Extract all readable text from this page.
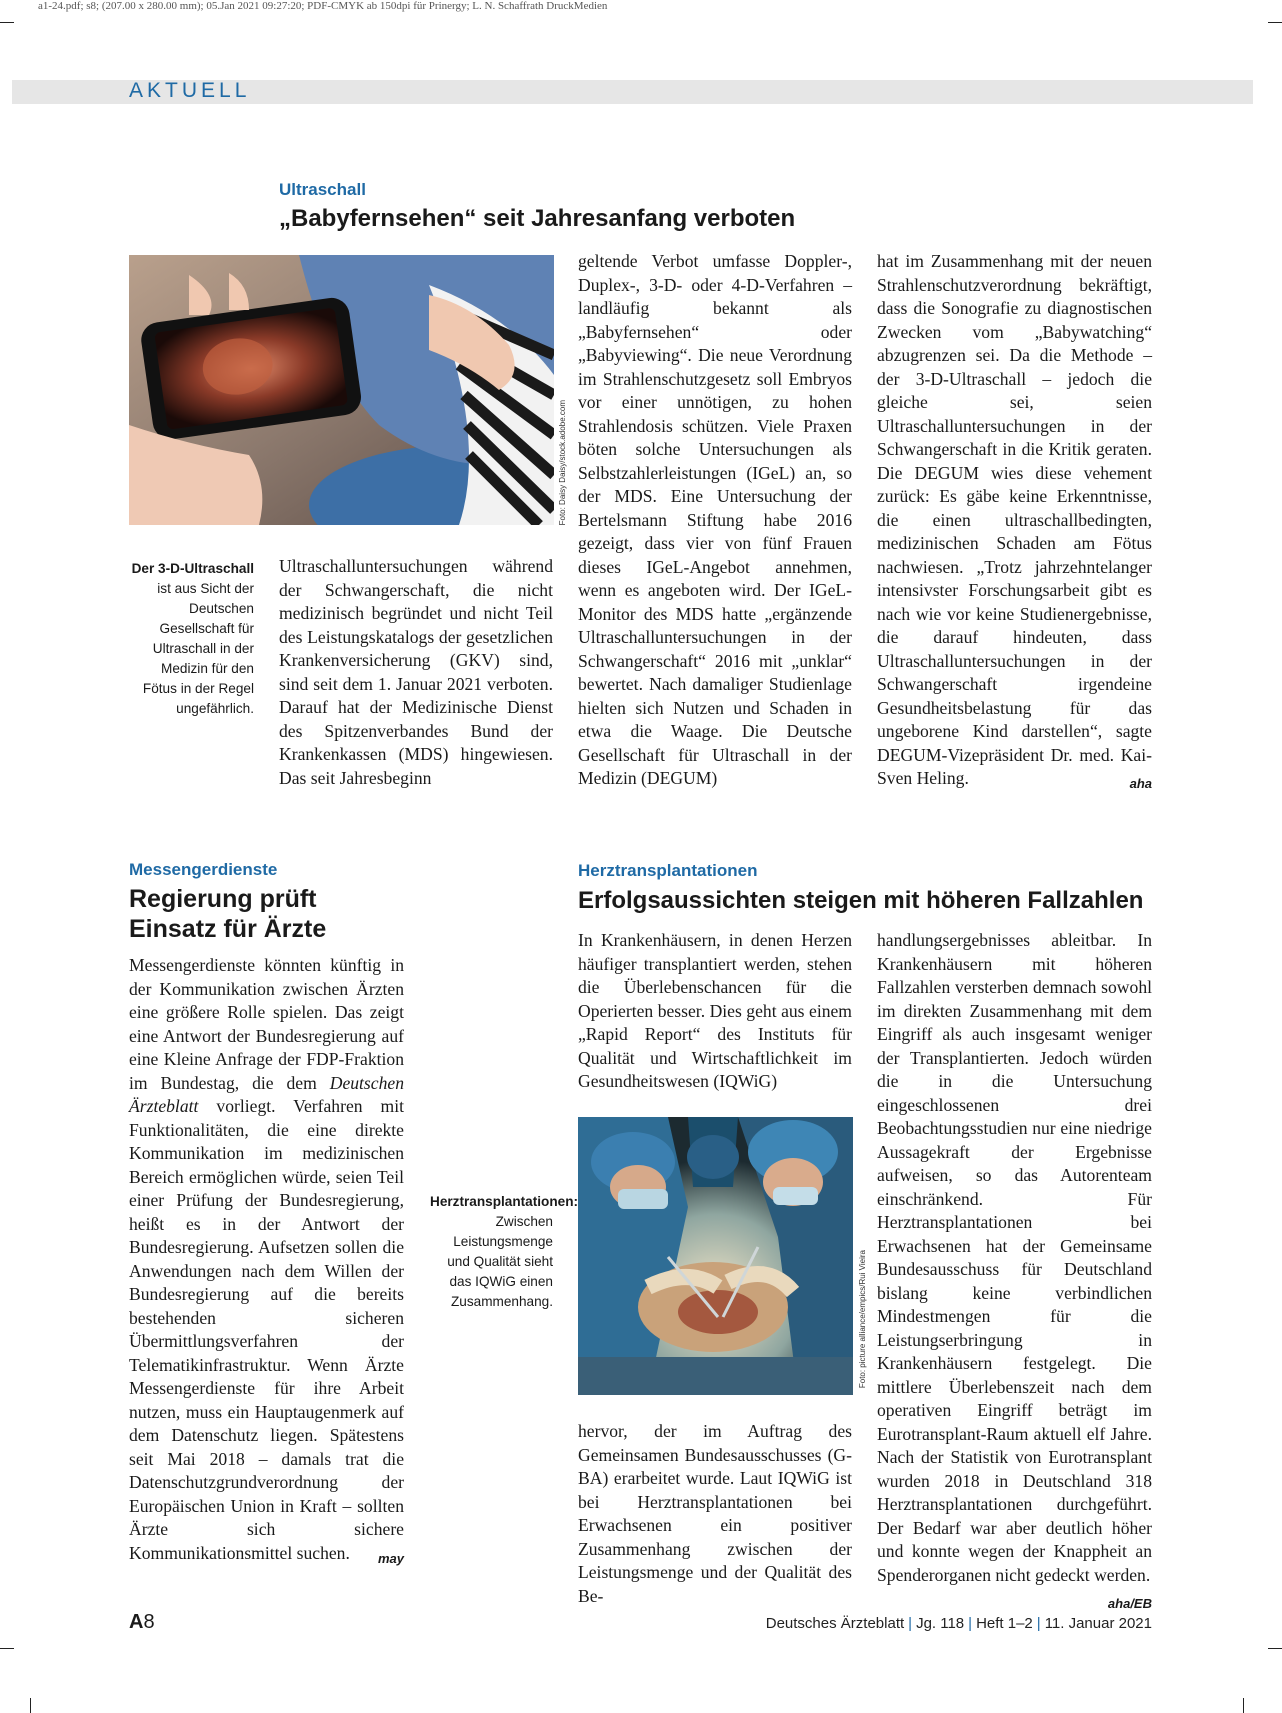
a1-24.pdf; s8; (207.00 x 280.00 mm); 05.Jan 2021 09:27:20; PDF-CMYK ab 150dpi für Prinergy; L. N. Schaffrath DruckMedien
AKTUELL
Ultraschall
„Babyfernsehen“ seit Jahresanfang verboten
Foto: Daisy Daisy/stock.adobe.com
Der 3-D-Ultraschall ist aus Sicht der Deutschen Gesellschaft für Ultraschall in der Medizin für den Fötus in der Regel ungefährlich.
Ultraschalluntersuchungen während der Schwangerschaft, die nicht medizinisch begründet und nicht Teil des Leistungskatalogs der gesetzlichen Krankenversicherung (GKV) sind, sind seit dem 1. Januar 2021 verboten. Darauf hat der Medizinische Dienst des Spitzenverbandes Bund der Krankenkassen (MDS) hingewiesen. Das seit Jahresbeginn
geltende Verbot umfasse Doppler-, Duplex-, 3-D- oder 4-D-Verfahren – landläufig bekannt als „Babyfernsehen“ oder „Babyviewing“. Die neue Verordnung im Strahlenschutzgesetz soll Embryos vor einer unnötigen, zu hohen Strahlendosis schützen. Viele Praxen böten solche Untersuchungen als Selbstzahlerleistungen (IGeL) an, so der MDS. Eine Untersuchung der Bertelsmann Stiftung habe 2016 gezeigt, dass vier von fünf Frauen dieses IGeL-Angebot annehmen, wenn es angeboten wird. Der IGeL-Monitor des MDS hatte „ergänzende Ultraschalluntersuchungen in der Schwangerschaft“ 2016 mit „unklar“ bewertet. Nach damaliger Studienlage hielten sich Nutzen und Schaden in etwa die Waage. Die Deutsche Gesellschaft für Ultraschall in der Medizin (DEGUM)
hat im Zusammenhang mit der neuen Strahlenschutzverordnung bekräftigt, dass die Sonografie zu diagnostischen Zwecken vom „Babywatching“ abzugrenzen sei. Da die Methode – der 3-D-Ultraschall – jedoch die gleiche sei, seien Ultraschalluntersuchungen in der Schwangerschaft in die Kritik geraten. Die DEGUM wies diese vehement zurück: Es gäbe keine Erkenntnisse, die einen ultraschallbedingten, medizinischen Schaden am Fötus nachwiesen. „Trotz jahrzehntelanger intensivster Forschungsarbeit gibt es nach wie vor keine Studienergebnisse, die darauf hindeuten, dass Ultraschalluntersuchungen in der Schwangerschaft irgendeine Gesundheitsbelastung für das ungeborene Kind darstellen“, sagte DEGUM-Vizepräsident Dr. med. Kai-Sven Heling.	aha
Messengerdienste
Regierung prüft
Einsatz für Ärzte
Messengerdienste könnten künftig in der Kommunikation zwischen Ärzten eine größere Rolle spielen. Das zeigt eine Antwort der Bundesregierung auf eine Kleine Anfrage der FDP-Fraktion im Bundestag, die dem Deutschen Ärzteblatt vorliegt. Verfahren mit Funktionalitäten, die eine direkte Kommunikation im medizinischen Bereich ermöglichen würde, seien Teil einer Prüfung der Bundesregierung, heißt es in der Antwort der Bundesregierung. Aufsetzen sollen die Anwendungen nach dem Willen der Bundesregierung auf die bereits bestehenden sicheren Übermittlungsverfahren der Telematikinfrastruktur. Wenn Ärzte Messengerdienste für ihre Arbeit nutzen, muss ein Hauptaugenmerk auf dem Datenschutz liegen. Spätestens seit Mai 2018 – damals trat die Datenschutzgrundverordnung der Europäischen Union in Kraft – sollten Ärzte sich sichere Kommunikationsmittel suchen. may
Herztransplantationen
Erfolgsaussichten steigen mit höheren Fallzahlen
In Krankenhäusern, in denen Herzen häufiger transplantiert werden, stehen die Überlebenschancen für die Operierten besser. Dies geht aus einem „Rapid Report“ des Instituts für Qualität und Wirtschaftlichkeit im Gesundheitswesen (IQWiG)
Foto: picture alliance/empics/Rui Vieira
Herztransplantationen: Zwischen Leistungsmenge und Qualität sieht das IQWiG einen Zusammenhang.
hervor, der im Auftrag des Gemeinsamen Bundesausschusses (G-BA) erarbeitet wurde. Laut IQWiG ist bei Herztransplantationen bei Erwachsenen ein positiver Zusammenhang zwischen der Leistungsmenge und der Qualität des Be-
handlungsergebnisses ableitbar. In Krankenhäusern mit höheren Fallzahlen versterben demnach sowohl im direkten Zusammenhang mit dem Eingriff als auch insgesamt weniger der Transplantierten. Jedoch würden die in die Untersuchung eingeschlossenen drei Beobachtungsstudien nur eine niedrige Aussagekraft der Ergebnisse aufweisen, so das Autorenteam einschränkend. Für Herztransplantationen bei Erwachsenen hat der Gemeinsame Bundesausschuss für Deutschland bislang keine verbindlichen Mindestmengen für die Leistungserbringung in Krankenhäusern festgelegt. Die mittlere Überlebenszeit nach dem operativen Eingriff beträgt im Eurotransplant-Raum aktuell elf Jahre. Nach der Statistik von Eurotransplant wurden 2018 in Deutschland 318 Herztransplantationen durchgeführt. Der Bedarf war aber deutlich höher und konnte wegen der Knappheit an Spenderorganen nicht gedeckt werden.
aha/EB
A8	Deutsches Ärzteblatt | Jg. 118 | Heft 1–2 | 11. Januar 2021
